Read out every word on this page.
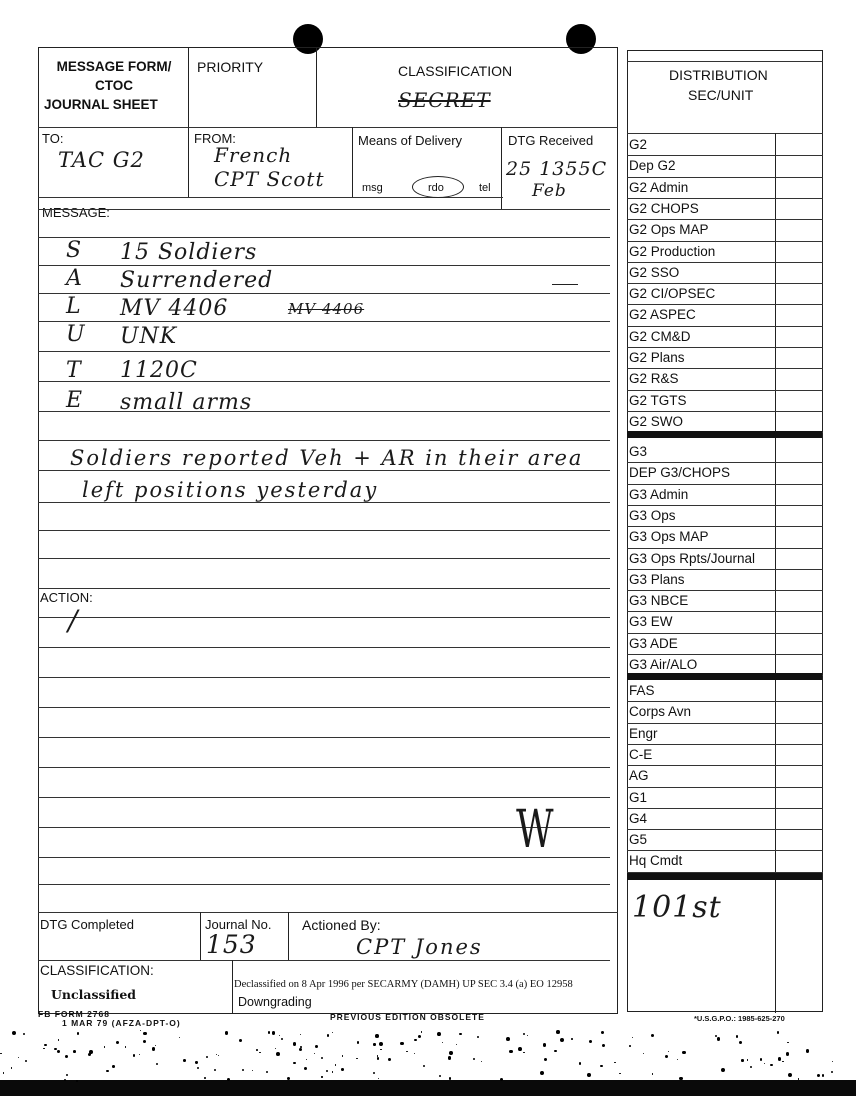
MESSAGE FORM/
CTOC
JOURNAL SHEET
PRIORITY	CLASSIFICATION
SECRET
TO:
TAC G2
FROM:
French
CPT Scott
Means of Delivery
msg	rdo	tel
DTG Received
25 1355C
Feb
MESSAGE:
S 15 Soldiers
A Surrendered
L MV 4406	MV 4406
U UNK
T 1120C
E small arms
Soldiers reported Veh + AR in their area
left positions yesterday
ACTION:
/
W
DTG Completed	Journal No.
153
Actioned By:
CPT Jones
CLASSIFICATION:
Unclassified
Declassified on 8 Apr 1996 per SECARMY (DAMH) UP SEC 3.4 (a) EO 12958
Downgrading
FB FORM 2768
1 MAR 79 (AFZA-DPT-O)
PREVIOUS EDITION OBSOLETE	*U.S.G.P.O.: 1985-625-270
DISTRIBUTION
SEC/UNIT
G2
Dep G2
G2 Admin
G2 CHOPS
G2 Ops MAP
G2 Production
G2 SSO
G2 CI/OPSEC
G2 ASPEC
G2 CM&D
G2 Plans
G2 R&S
G2 TGTS
G2 SWO
G3
DEP G3/CHOPS
G3 Admin
G3 Ops
G3 Ops MAP
G3 Ops Rpts/Journal
G3 Plans
G3 NBCE
G3 EW
G3 ADE
G3 Air/ALO
FAS
Corps Avn
Engr
C-E
AG
G1
G4
G5
Hq Cmdt
101st
